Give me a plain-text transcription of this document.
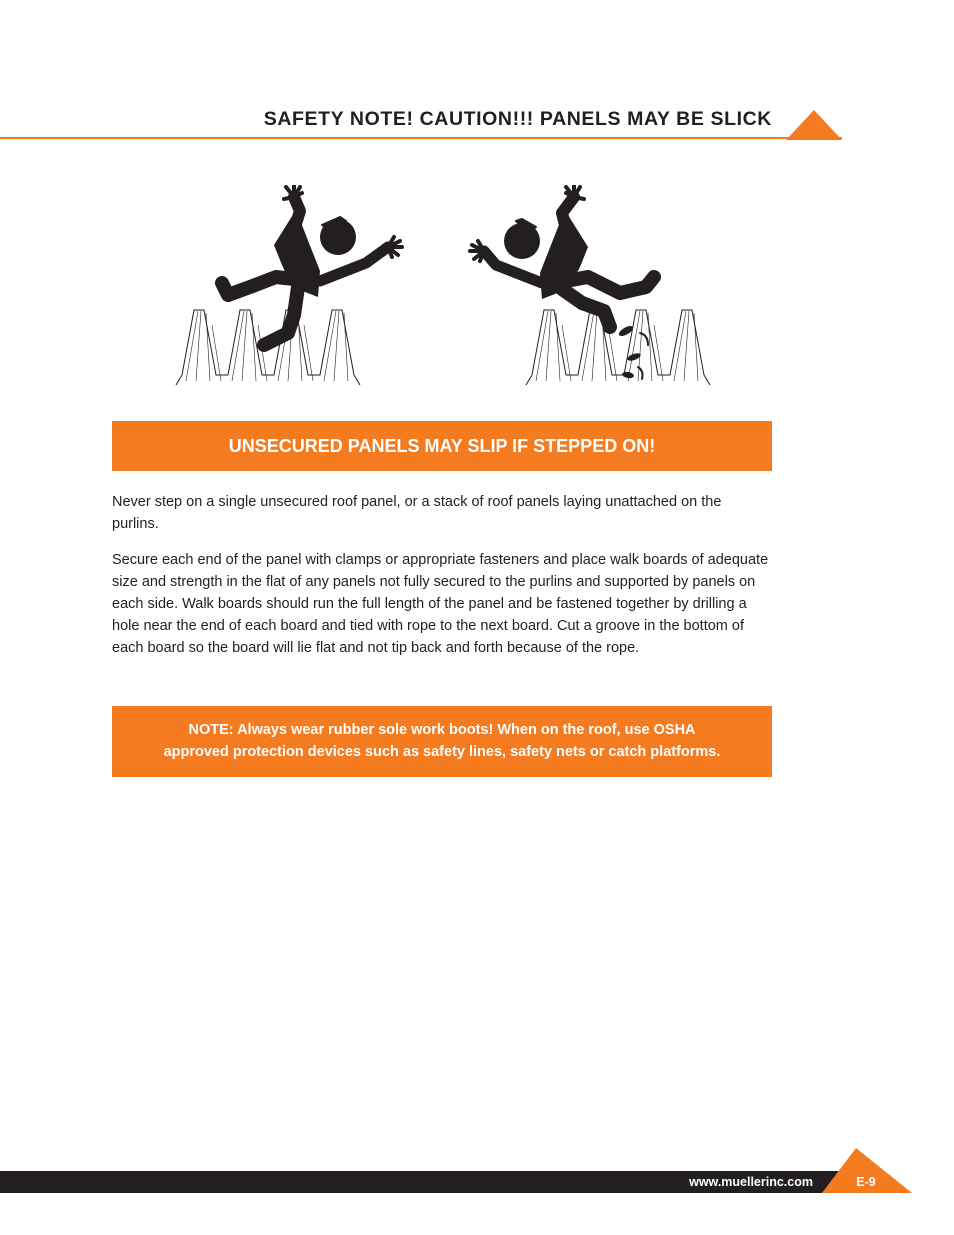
SAFETY NOTE! CAUTION!!! PANELS MAY BE SLICK
UNSECURED PANELS MAY SLIP IF STEPPED ON!

Never step on a single unsecured roof panel, or a stack of roof panels laying unattached on the purlins.

Secure each end of the panel with clamps or appropriate fasteners and place walk boards of adequate size and strength in the flat of any panels not fully secured to the purlins and supported by panels on each side. Walk boards should run the full length of the panel and be fastened together by drilling a hole near the end of each board and tied with rope to the next board. Cut a groove in the bottom of each board so the board will lie flat and not tip back and forth because of the rope.

NOTE: Always wear rubber sole work boots! When on the roof, use OSHA
approved protection devices such as safety lines, safety nets or catch platforms.
www.muellerinc.com	E-9
